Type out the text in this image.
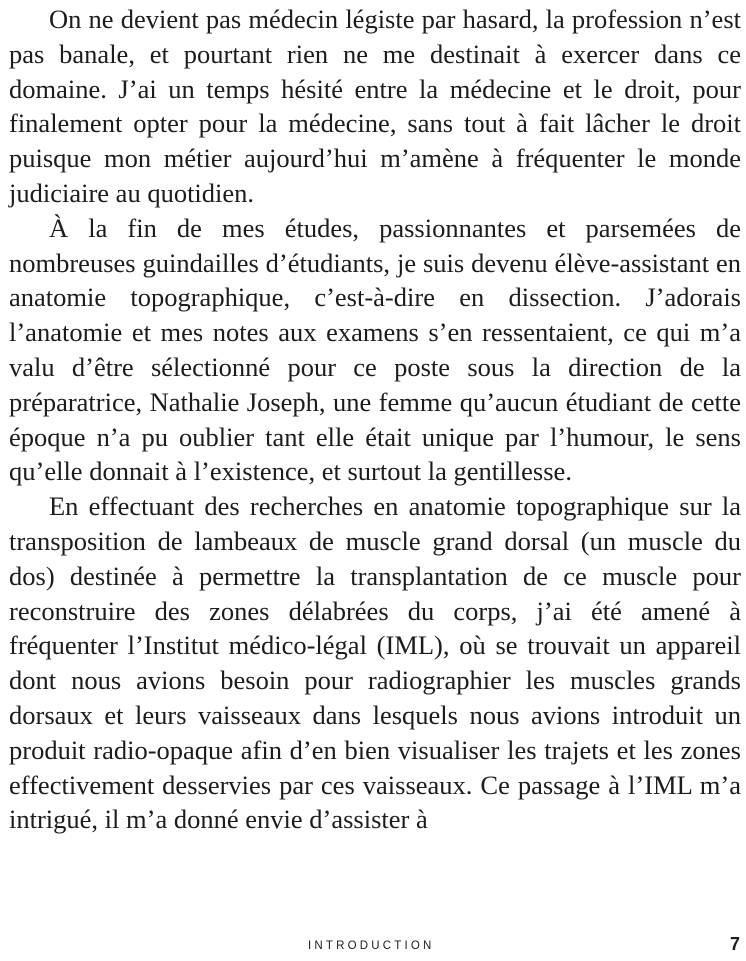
On ne devient pas médecin légiste par hasard, la profession n’est pas banale, et pourtant rien ne me destinait à exercer dans ce domaine. J’ai un temps hésité entre la médecine et le droit, pour finalement opter pour la médecine, sans tout à fait lâcher le droit puisque mon métier aujourd’hui m’amène à fréquenter le monde judiciaire au quotidien.

À la fin de mes études, passionnantes et parsemées de nombreuses guindailles d’étudiants, je suis devenu élève-assistant en anatomie topographique, c’est-à-dire en dissection. J’adorais l’anatomie et mes notes aux examens s’en ressentaient, ce qui m’a valu d’être sélectionné pour ce poste sous la direction de la préparatrice, Nathalie Joseph, une femme qu’aucun étudiant de cette époque n’a pu oublier tant elle était unique par l’humour, le sens qu’elle donnait à l’existence, et surtout la gentillesse.

En effectuant des recherches en anatomie topographique sur la transposition de lambeaux de muscle grand dorsal (un muscle du dos) destinée à permettre la transplantation de ce muscle pour reconstruire des zones délabrées du corps, j’ai été amené à fréquenter l’Institut médico-légal (IML), où se trouvait un appareil dont nous avions besoin pour radiographier les muscles grands dorsaux et leurs vaisseaux dans lesquels nous avions introduit un produit radio-opaque afin d’en bien visualiser les trajets et les zones effectivement desservies par ces vaisseaux. Ce passage à l’IML m’a intrigué, il m’a donné envie d’assister à

INTRODUCTION	7
